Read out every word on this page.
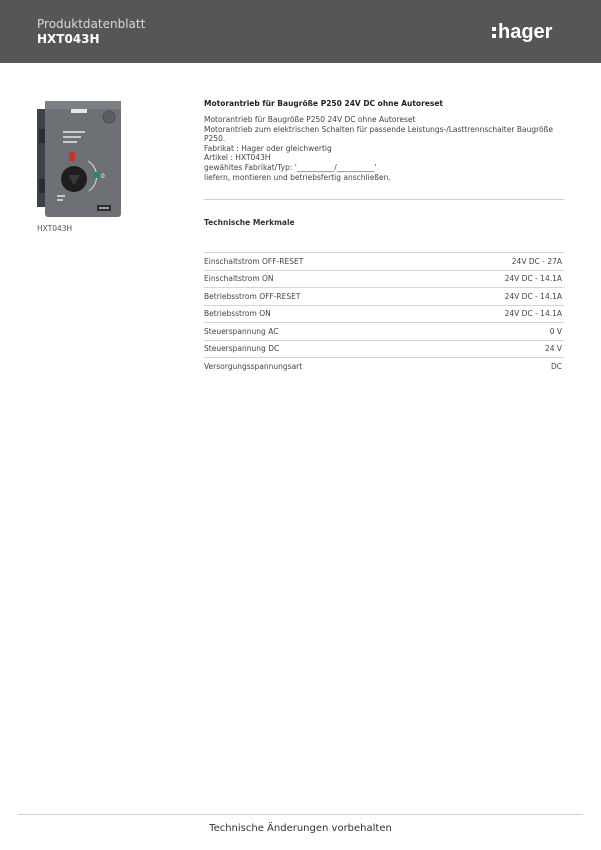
Produktdatenblatt
HXT043H	hager
0
HXT043H
Motorantrieb für Baugröße P250 24V DC ohne Autoreset
Motorantrieb für Baugröße P250 24V DC ohne Autoreset
Motorantrieb zum elektrischen Schalten für passende Leistungs-/Lasttrennschalter Baugröße
P250.
Fabrikat : Hager oder gleichwertig
Artikel : HXT043H
gewähltes Fabrikat/Typ: '__________/__________'
liefern, montieren und betriebsfertig anschließen.
Technische Merkmale
Einschaltstrom OFF-RESET	24V DC - 27A
Einschaltstrom ON	24V DC - 14.1A
Betriebsstrom OFF-RESET	24V DC - 14.1A
Betriebsstrom ON	24V DC - 14.1A
Steuerspannung AC	0 V
Steuerspannung DC	24 V
Versorgungsspannungsart	DC
Technische Änderungen vorbehalten
